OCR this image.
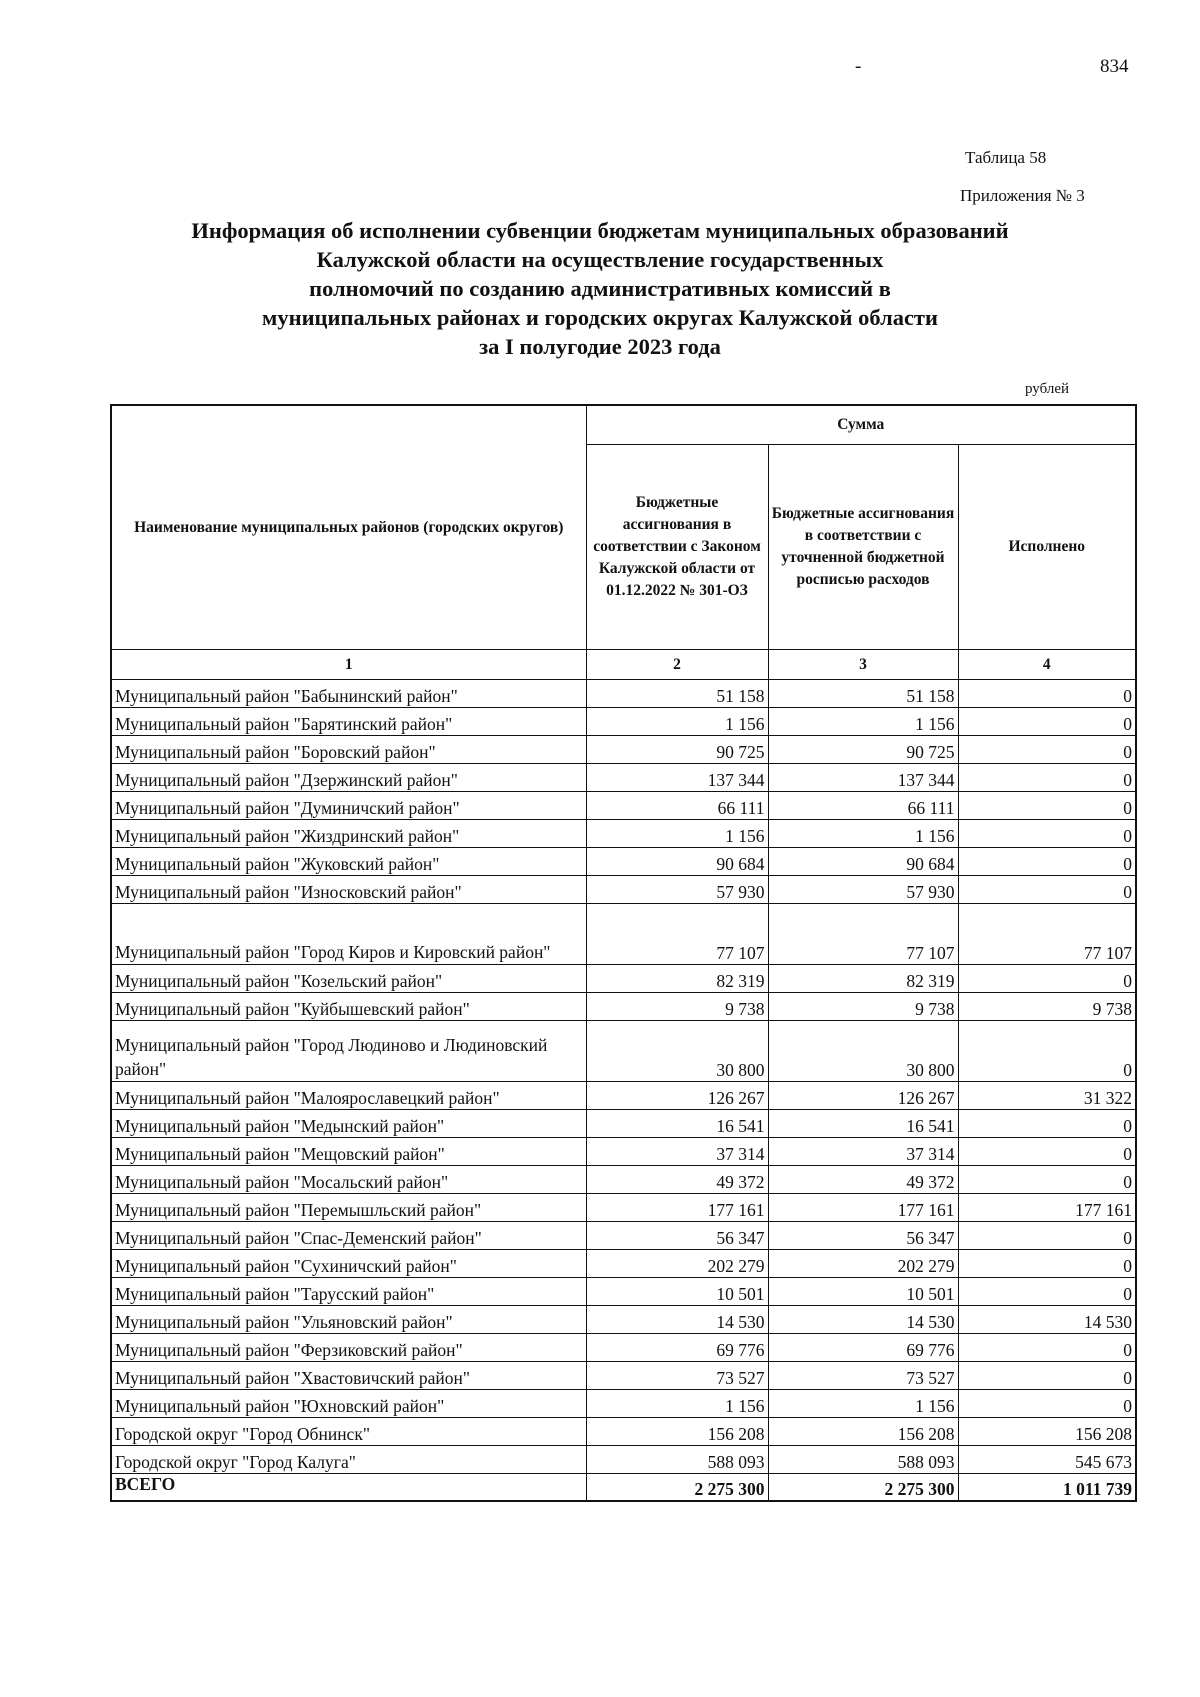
-	834
Таблица 58
Приложения № 3
Информация об исполнении субвенции бюджетам муниципальных образований
Калужской области на осуществление государственных
полномочий по созданию административных комиссий в
муниципальных районах и городских округах Калужской области
за I полугодие 2023 года
рублей
Наименование муниципальных районов (городских округов)	Сумма		
	Бюджетные ассигнования в соответствии с Законом Калужской области от 01.12.2022 № 301-ОЗ	Бюджетные ассигнования в соответствии с уточненной бюджетной росписью расходов	Исполнено
1	2	3	4
Муниципальный район "Бабынинский район"	51 158	51 158	0
Муниципальный район "Барятинский район"	1 156	1 156	0
Муниципальный район "Боровский район"	90 725	90 725	0
Муниципальный район "Дзержинский район"	137 344	137 344	0
Муниципальный район "Думиничский район"	66 111	66 111	0
Муниципальный район "Жиздринский район"	1 156	1 156	0
Муниципальный район "Жуковский район"	90 684	90 684	0
Муниципальный район "Износковский район"	57 930	57 930	0
Муниципальный район "Город Киров и Кировский район"	77 107	77 107	77 107
Муниципальный район "Козельский район"	82 319	82 319	0
Муниципальный район "Куйбышевский район"	9 738	9 738	9 738
Муниципальный район "Город Людиново и Людиновский район"	30 800	30 800	0
Муниципальный район "Малоярославецкий район"	126 267	126 267	31 322
Муниципальный район "Медынский район"	16 541	16 541	0
Муниципальный район "Мещовский район"	37 314	37 314	0
Муниципальный район "Мосальский район"	49 372	49 372	0
Муниципальный район "Перемышльский район"	177 161	177 161	177 161
Муниципальный район "Спас-Деменский район"	56 347	56 347	0
Муниципальный район "Сухиничский район"	202 279	202 279	0
Муниципальный район "Тарусский район"	10 501	10 501	0
Муниципальный район "Ульяновский район"	14 530	14 530	14 530
Муниципальный район "Ферзиковский район"	69 776	69 776	0
Муниципальный район "Хвастовичский район"	73 527	73 527	0
Муниципальный район "Юхновский район"	1 156	1 156	0
Городской округ "Город Обнинск"	156 208	156 208	156 208
Городской округ "Город Калуга"	588 093	588 093	545 673
ВСЕГО	2 275 300	2 275 300	1 011 739
